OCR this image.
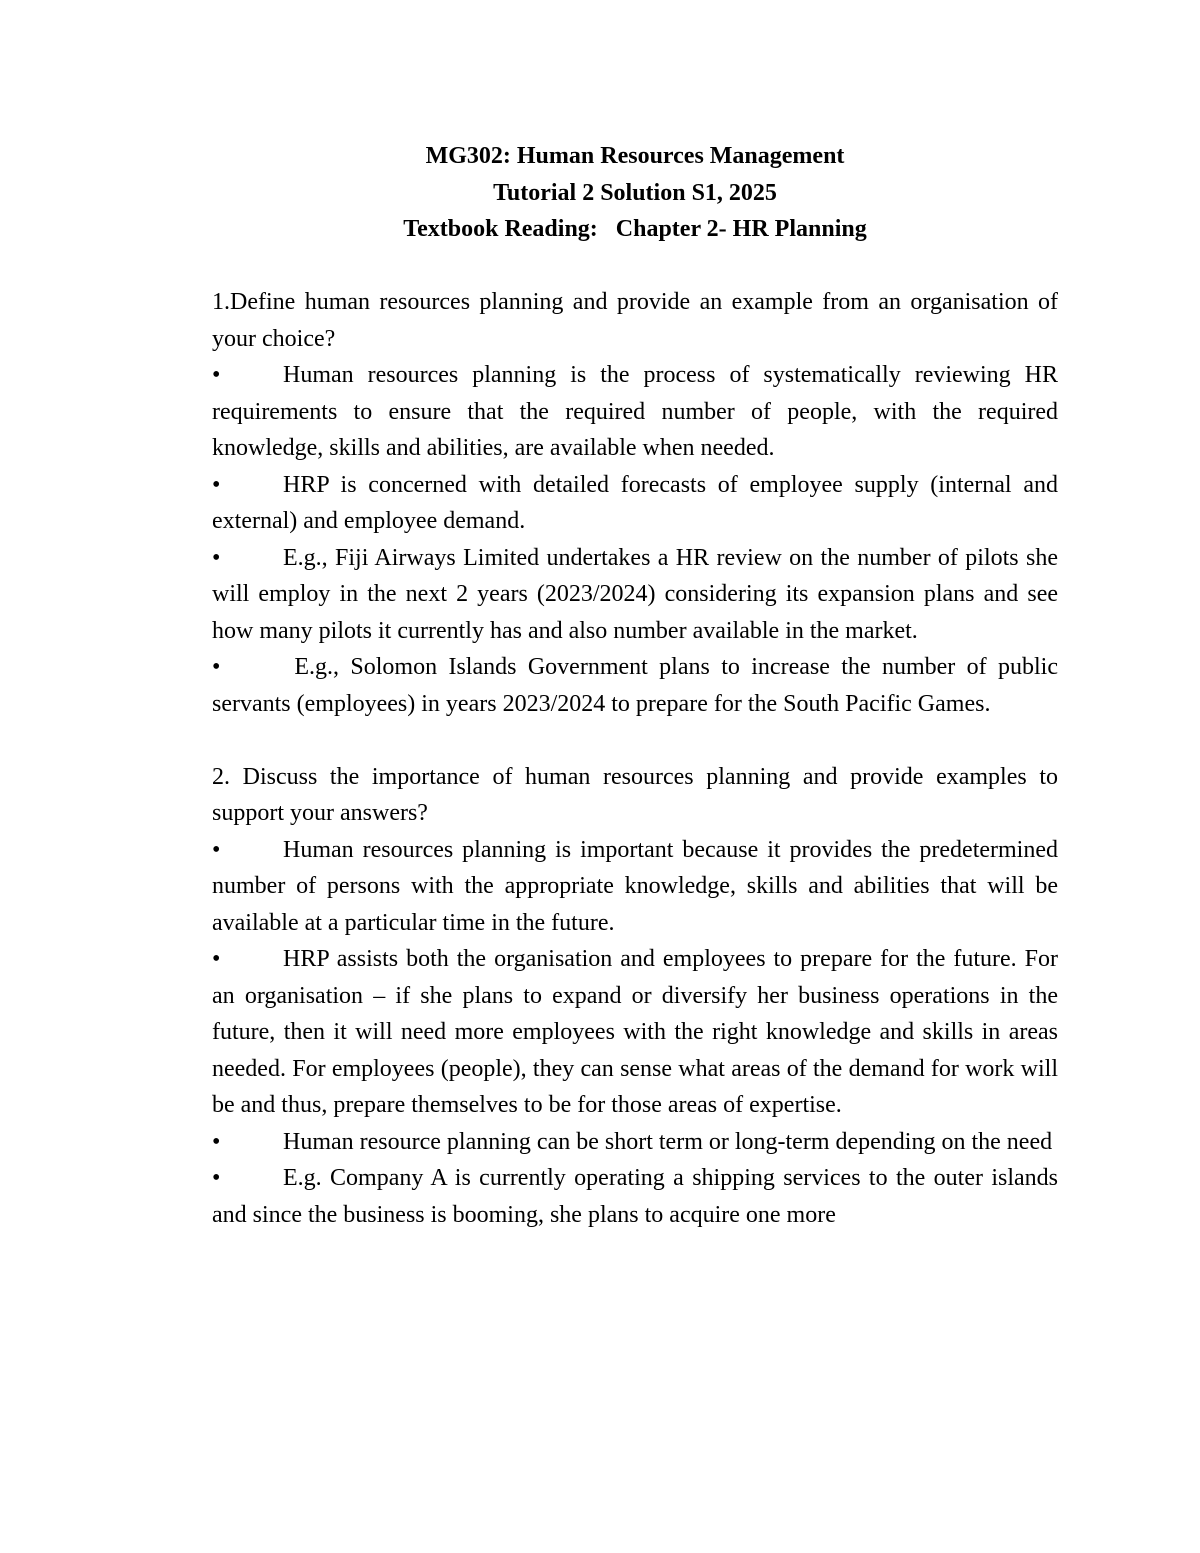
MG302: Human Resources Management
Tutorial 2 Solution S1, 2025
Textbook Reading:   Chapter 2- HR Planning
1.Define human resources planning and provide an example from an organisation of your choice?
•	Human resources planning is the process of systematically reviewing HR requirements to ensure that the required number of people, with the required knowledge, skills and abilities, are available when needed.
•	HRP is concerned with detailed forecasts of employee supply (internal and external) and employee demand.
•	E.g., Fiji Airways Limited undertakes a HR review on the number of pilots she will employ in the next 2 years (2023/2024) considering its expansion plans and see how many pilots it currently has and also number available in the market.
•	E.g., Solomon Islands Government plans to increase the number of public servants (employees) in years 2023/2024 to prepare for the South Pacific Games.
2. Discuss the importance of human resources planning and provide examples to support your answers?
•	Human resources planning is important because it provides the predetermined number of persons with the appropriate knowledge, skills and abilities that will be available at a particular time in the future.
•	HRP assists both the organisation and employees to prepare for the future. For an organisation – if she plans to expand or diversify her business operations in the future, then it will need more employees with the right knowledge and skills in areas needed. For employees (people), they can sense what areas of the demand for work will be and thus, prepare themselves to be for those areas of expertise.
•	Human resource planning can be short term or long-term depending on the need
•	E.g. Company A is currently operating a shipping services to the outer islands and since the business is booming, she plans to acquire one more
